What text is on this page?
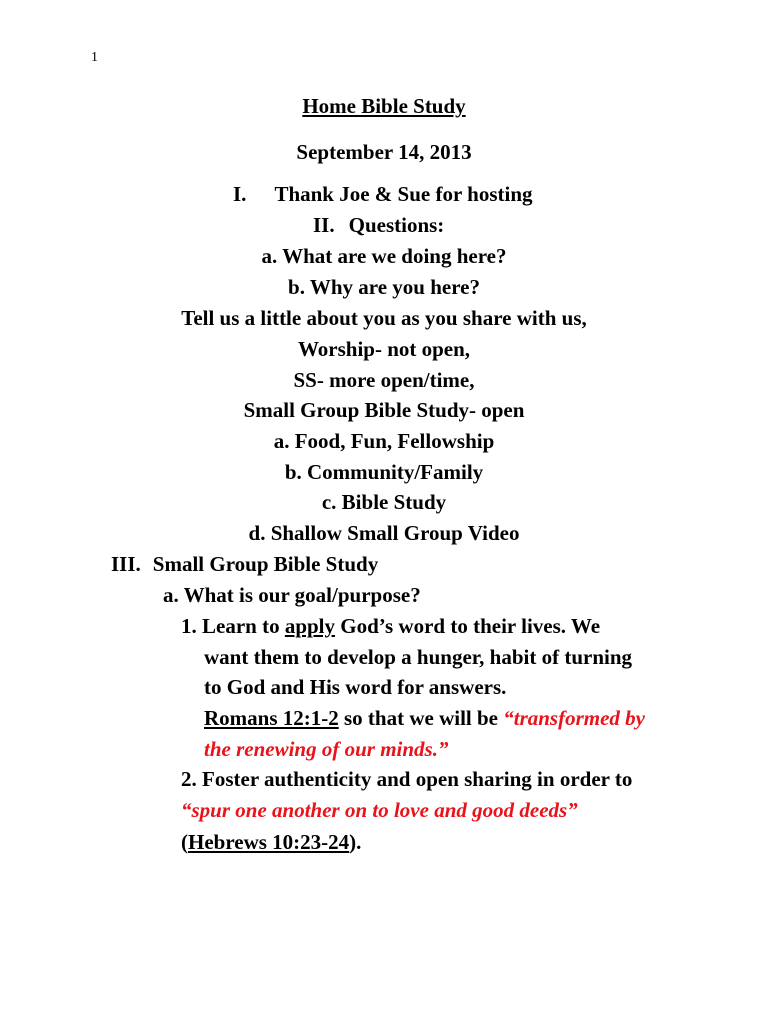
1
Home Bible Study
September 14, 2013
I. Thank Joe & Sue for hosting
II. Questions:
a. What are we doing here?
b. Why are you here?
Tell us a little about you as you share with us,
Worship- not open,
SS- more open/time,
Small Group Bible Study- open
a. Food, Fun, Fellowship
b. Community/Family
c. Bible Study
d. Shallow Small Group Video
III. Small Group Bible Study
a. What is our goal/purpose?
1. Learn to apply God’s word to their lives. We
want them to develop a hunger, habit of turning
to God and His word for answers.
Romans 12:1-2 so that we will be “transformed by
the renewing of our minds.”
2. Foster authenticity and open sharing in order to
“spur one another on to love and good deeds”
(Hebrews 10:23-24).
